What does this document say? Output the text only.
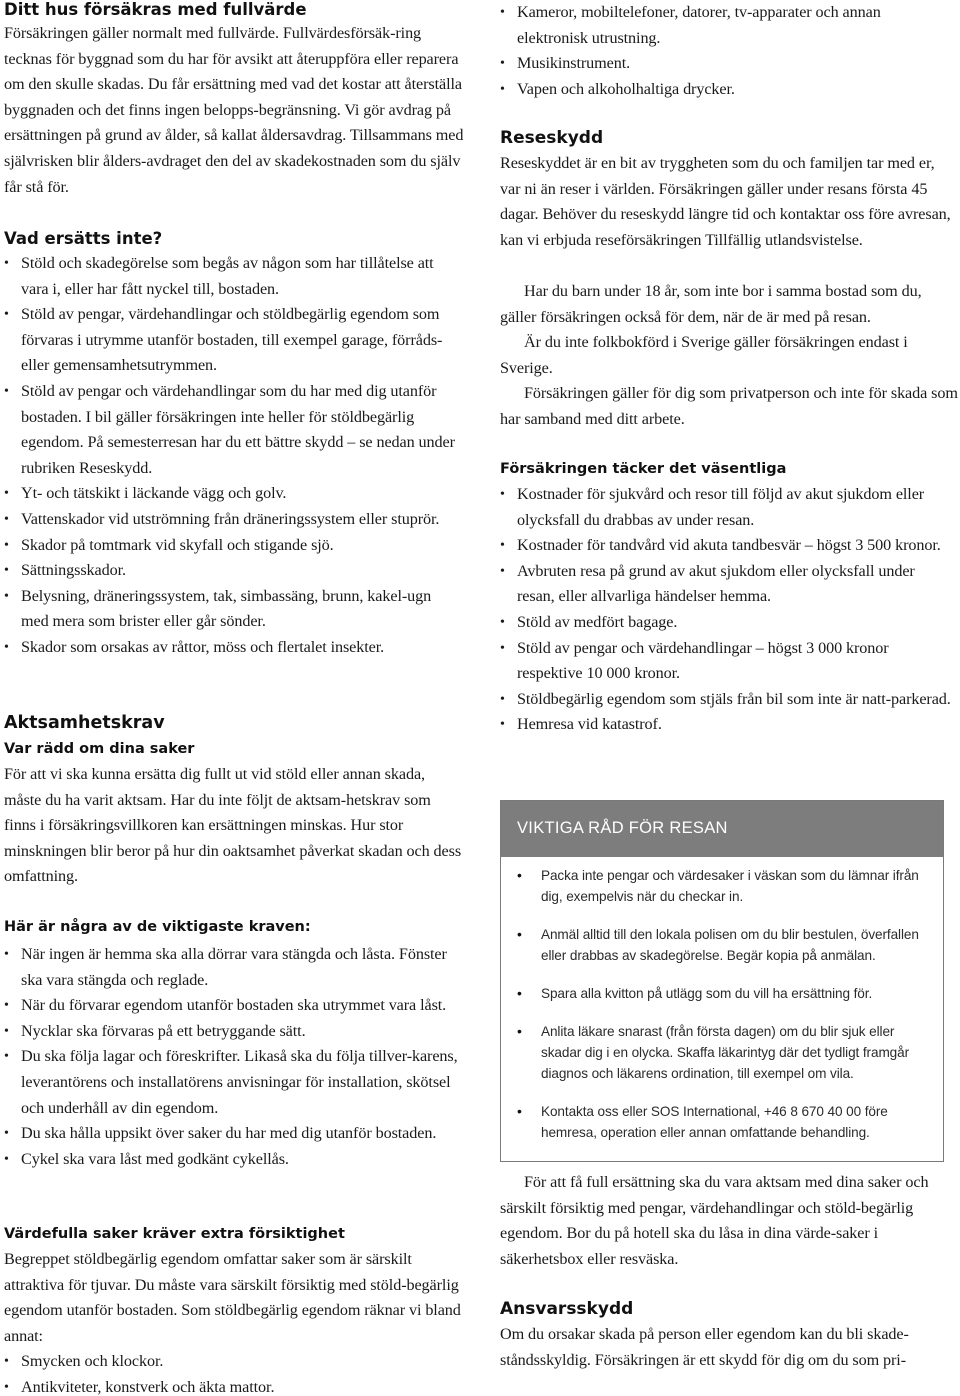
Ditt hus försäkras med fullvärde

Försäkringen gäller normalt med fullvärde. Fullvärdesförsäk-ring tecknas för byggnad som du har för avsikt att återuppföra eller reparera om den skulle skadas. Du får ersättning med vad det kostar att återställa byggnaden och det finns ingen belopps-begränsning. Vi gör avdrag på ersättningen på grund av ålder, så kallat åldersavdrag. Tillsammans med självrisken blir ålders-avdraget den del av skadekostnaden som du själv får stå för.

Vad ersätts inte?
• Stöld och skadegörelse som begås av någon som har tillåtelse att vara i, eller har fått nyckel till, bostaden.
• Stöld av pengar, värdehandlingar och stöldbegärlig egendom som förvaras i utrymme utanför bostaden, till exempel garage, förråds- eller gemensamhetsutrymmen.
• Stöld av pengar och värdehandlingar som du har med dig utanför bostaden. I bil gäller försäkringen inte heller för stöldbegärlig egendom. På semesterresan har du ett bättre skydd – se nedan under rubriken Reseskydd.
• Yt- och tätskikt i läckande vägg och golv.
• Vattenskador vid utströmning från dräneringssystem eller stuprör.
• Skador på tomtmark vid skyfall och stigande sjö.
• Sättningsskador.
• Belysning, dräneringssystem, tak, simbassäng, brunn, kakel-ugn med mera som brister eller går sönder.
• Skador som orsakas av råttor, möss och flertalet insekter.
Aktsamhetskrav
Var rädd om dina saker

För att vi ska kunna ersätta dig fullt ut vid stöld eller annan skada, måste du ha varit aktsam. Har du inte följt de aktsam-hetskrav som finns i försäkringsvillkoren kan ersättningen minskas. Hur stor minskningen blir beror på hur din oaktsamhet påverkat skadan och dess omfattning.

Här är några av de viktigaste kraven:
• När ingen är hemma ska alla dörrar vara stängda och låsta. Fönster ska vara stängda och reglade.
• När du förvarar egendom utanför bostaden ska utrymmet vara låst.
• Nycklar ska förvaras på ett betryggande sätt.
• Du ska följa lagar och föreskrifter. Likaså ska du följa tillver-karens, leverantörens och installatörens anvisningar för installation, skötsel och underhåll av din egendom.
• Du ska hålla uppsikt över saker du har med dig utanför bostaden.
• Cykel ska vara låst med godkänt cykellås.
Värdefulla saker kräver extra försiktighet

Begreppet stöldbegärlig egendom omfattar saker som är särskilt attraktiva för tjuvar. Du måste vara särskilt försiktig med stöld-begärlig egendom utanför bostaden. Som stöldbegärlig egendom räknar vi bland annat:

• Smycken och klockor.
• Antikviteter, konstverk och äkta mattor.
• Kameror, mobiltelefoner, datorer, tv-apparater och annan elektronisk utrustning.
• Musikinstrument.
• Vapen och alkoholhaltiga drycker.
Reseskydd

Reseskyddet är en bit av tryggheten som du och familjen tar med er, var ni än reser i världen. Försäkringen gäller under resans första 45 dagar. Behöver du reseskydd längre tid och kontaktar oss före avresan, kan vi erbjuda reseförsäkringen Tillfällig utlandsvistelse.

Har du barn under 18 år, som inte bor i samma bostad som du, gäller försäkringen också för dem, när de är med på resan.

Är du inte folkbokförd i Sverige gäller försäkringen endast i Sverige.

Försäkringen gäller för dig som privatperson och inte för skada som har samband med ditt arbete.

Försäkringen täcker det väsentliga
• Kostnader för sjukvård och resor till följd av akut sjukdom eller olycksfall du drabbas av under resan.
• Kostnader för tandvård vid akuta tandbesvär – högst 3 500 kronor.
• Avbruten resa på grund av akut sjukdom eller olycksfall under resan, eller allvarliga händelser hemma.
• Stöld av medfört bagage.
• Stöld av pengar och värdehandlingar – högst 3 000 kronor respektive 10 000 kronor.
• Stöldbegärlig egendom som stjäls från bil som inte är natt-parkerad.
• Hemresa vid katastrof.

För att få full ersättning ska du vara aktsam med dina saker och särskilt försiktig med pengar, värdehandlingar och stöld-begärlig egendom. Bor du på hotell ska du låsa in dina värde-saker i säkerhetsbox eller resväska.

Ansvarsskydd

Om du orsakar skada på person eller egendom kan du bli skade-ståndsskyldig. Försäkringen är ett skydd för dig om du som pri-

VIKTIGA RÅD FÖR RESAN
• Packa inte pengar och värdesaker i väskan som du lämnar ifrån dig, exempelvis när du checkar in.
• Anmäl alltid till den lokala polisen om du blir bestulen, överfallen eller drabbas av skadegörelse. Begär kopia på anmälan.
• Spara alla kvitton på utlägg som du vill ha ersättning för.
• Anlita läkare snarast (från första dagen) om du blir sjuk eller skadar dig i en olycka. Skaffa läkarintyg där det tydligt framgår diagnos och läkarens ordination, till exempel om vila.
• Kontakta oss eller SOS International, +46 8 670 40 00 före hemresa, operation eller annan omfattande behandling.
